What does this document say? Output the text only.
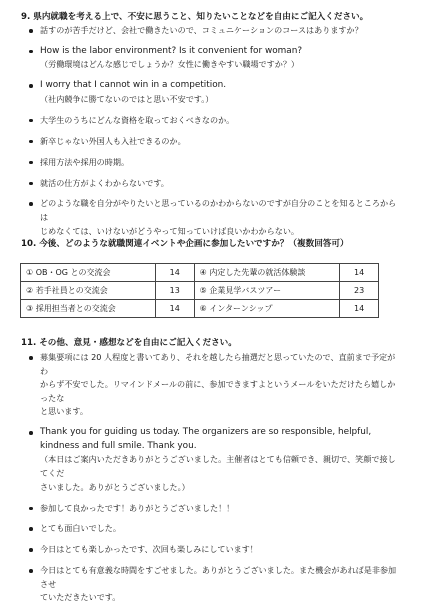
9. 県内就職を考える上で、不安に思うこと、知りたいことなどを自由にご記入ください。
話すのが苦手だけど、会社で働きたいので、コミュニケーションのコースはありますか？
How is the labor environment? Is it convenient for woman?
（労働環境はどんな感じでしょうか？女性に働きやすい職場ですか？）
I worry that I cannot win in a competition.
（社内競争に勝てないのではと思い不安です。）
大学生のうちにどんな資格を取っておくべきなのか。
新卒じゃない外国人も入社できるのか。
採用方法や採用の時期。
就活の仕方がよくわからないです。
どのような職を自分がやりたいと思っているのかわからないのですが自分のことを知るところからは
じめなくては、いけないがどうやって知っていけば良いかわからない。
10. 今後、どのような就職関連イベントや企画に参加したいですか？（複数回答可）
① OB・OG との交流会	14	④ 内定した先輩の就活体験談	14
② 若手社員との交流会	13	⑤ 企業見学バスツアー	23
③ 採用担当者との交流会	14	⑥ インターンシップ	14
11. その他、意見・感想などを自由にご記入ください。
募集要項には 20 人程度と書いてあり、それを越したら抽選だと思っていたので、直前まで予定がわ
からず不安でした。リマインドメールの前に、参加できますよというメールをいただけたら嬉しかったな
と思います。
Thank you for guiding us today. The organizers are so responsible, helpful,
kindness and full smile. Thank you.
（本日はご案内いただきありがとうございました。主催者はとても信頼でき、親切で、笑顔で接してくだ
さいました。ありがとうございました。）
参加して良かったです！ありがとうございました！！
とても面白いでした。
今日はとても楽しかったです、次回も楽しみにしています！
今日はとても有意義な時間をすごせました。ありがとうございました。また機会があれば是非参加させ
ていただきたいです。
